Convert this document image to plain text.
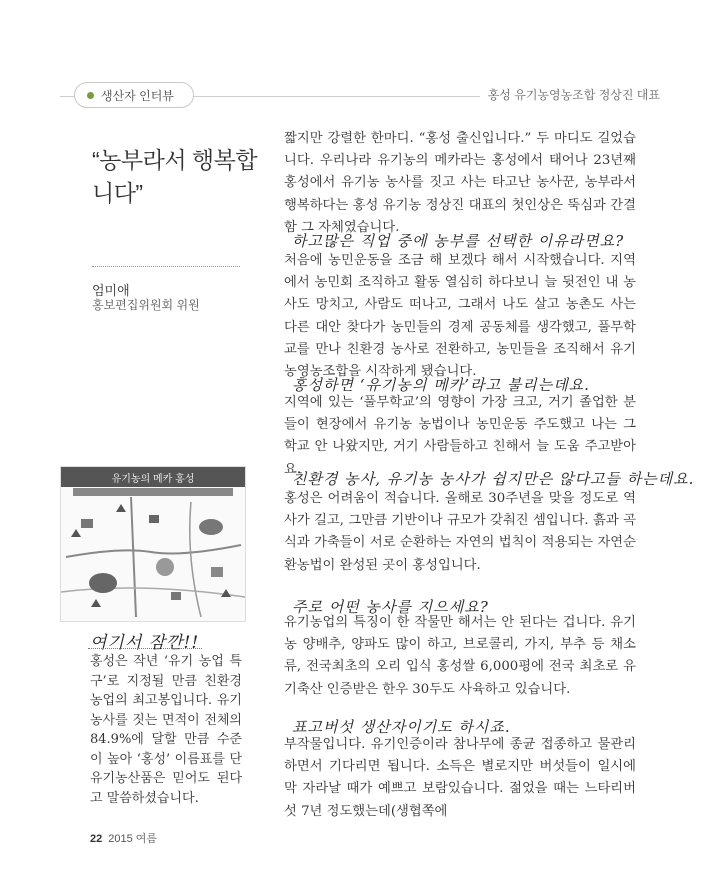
생산자 인터뷰	홍성 유기농영농조합 정상진 대표
“농부라서 행복합니다”
엄미애
홍보편집위원회 위원
유기농의 메카 홍성
여기서 잠깐!!
홍성은 작년 ‘유기 농업 특구’로 지정될 만큼 친환경 농업의 최고봉입니다. 유기농사를 짓는 면적이 전체의 84.9%에 달할 만큼 수준이 높아 ‘홍성’ 이름표를 단 유기농산품은 믿어도 된다고 말씀하셨습니다.
짧지만 강렬한 한마디. “홍성 출신입니다.” 두 마디도 길었습니다. 우리나라 유기농의 메카라는 홍성에서 태어나 23년째 홍성에서 유기농 농사를 짓고 사는 타고난 농사꾼, 농부라서 행복하다는 홍성 유기농 정상진 대표의 첫인상은 뚝심과 간결함 그 자체였습니다.
하고많은 직업 중에 농부를 선택한 이유라면요?
처음에 농민운동을 조금 해 보겠다 해서 시작했습니다. 지역에서 농민회 조직하고 활동 열심히 하다보니 늘 뒷전인 내 농사도 망치고, 사람도 떠나고, 그래서 나도 살고 농촌도 사는 다른 대안 찾다가 농민들의 경제 공동체를 생각했고, 풀무학교를 만나 친환경 농사로 전환하고, 농민들을 조직해서 유기농영농조합을 시작하게 됐습니다.
홍성하면 ‘유기농의 메카’라고 불리는데요.
지역에 있는 ‘풀무학교’의 영향이 가장 크고, 거기 졸업한 분들이 현장에서 유기농 농법이나 농민운동 주도했고 나는 그 학교 안 나왔지만, 거기 사람들하고 친해서 늘 도움 주고받아요.
친환경 농사, 유기농 농사가 쉽지만은 않다고들 하는데요.
홍성은 어려움이 적습니다. 올해로 30주년을 맞을 정도로 역사가 길고, 그만큼 기반이나 규모가 갖춰진 셈입니다. 흙과 곡식과 가축들이 서로 순환하는 자연의 법칙이 적용되는 자연순환농법이 완성된 곳이 홍성입니다.
주로 어떤 농사를 지으세요?
유기농업의 특징이 한 작물만 해서는 안 된다는 겁니다. 유기농 양배추, 양파도 많이 하고, 브로콜리, 가지, 부추 등 채소류, 전국최초의 오리 입식 홍성쌀 6,000평에 전국 최초로 유기축산 인증받은 한우 30두도 사육하고 있습니다.
표고버섯 생산자이기도 하시죠.
부작물입니다. 유기인증이라 참나무에 종균 접종하고 물관리하면서 기다리면 됩니다. 소득은 별로지만 버섯들이 일시에 막 자라날 때가 예쁘고 보람있습니다. 젊었을 때는 느타리버섯 7년 정도했는데(생협쪽에
22 2015 여름
